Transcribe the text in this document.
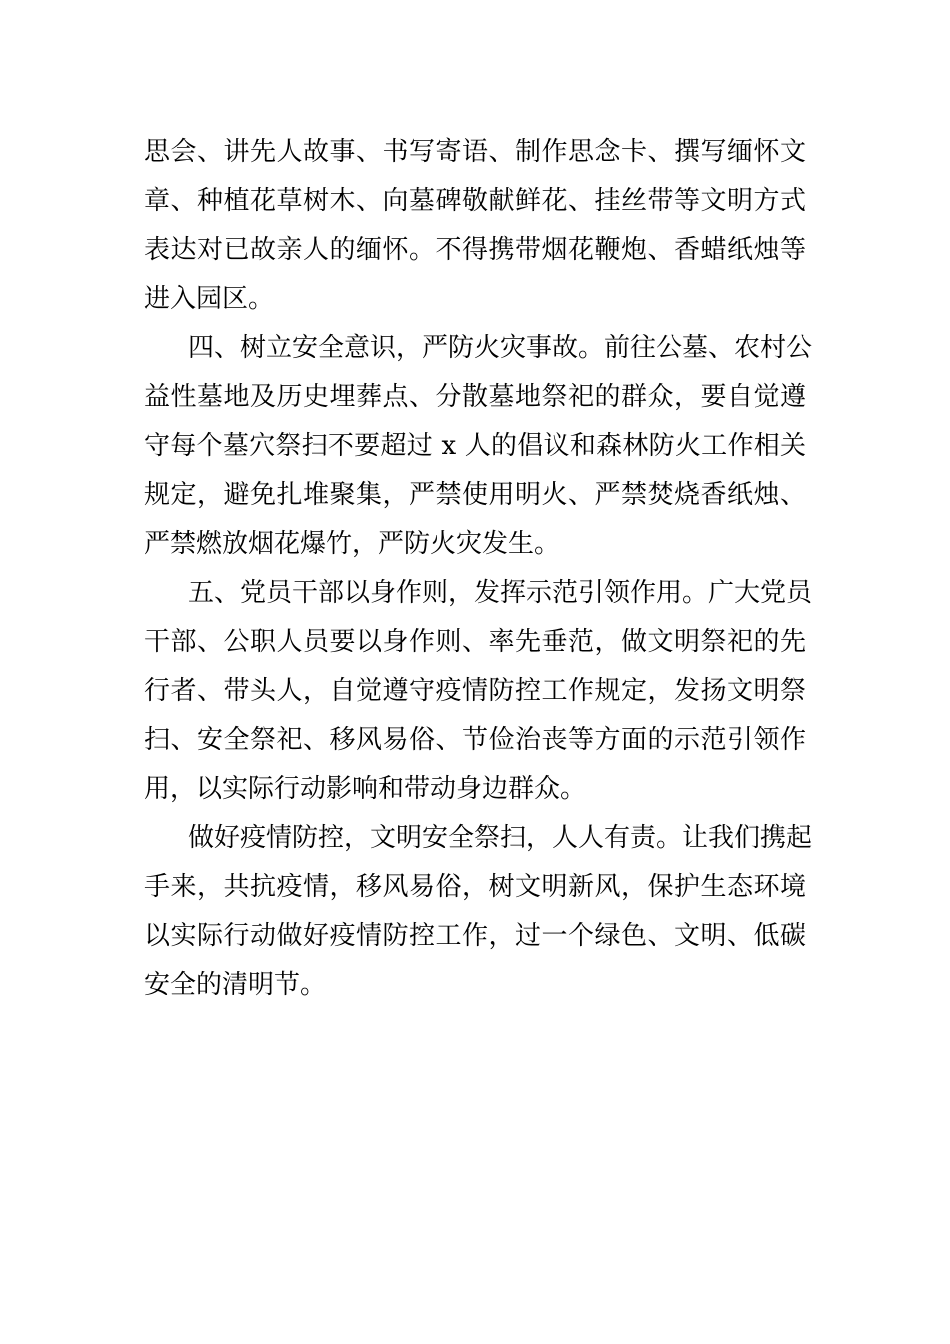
思会、讲先人故事、书写寄语、制作思念卡、撰写缅怀文
章、种植花草树木、向墓碑敬献鲜花、挂丝带等文明方式
表达对已故亲人的缅怀。不得携带烟花鞭炮、香蜡纸烛等
进入园区。
四、树立安全意识，严防火灾事故。前往公墓、农村公
益性墓地及历史埋葬点、分散墓地祭祀的群众，要自觉遵
守每个墓穴祭扫不要超过 x 人的倡议和森林防火工作相关
规定，避免扎堆聚集，严禁使用明火、严禁焚烧香纸烛、
严禁燃放烟花爆竹，严防火灾发生。
五、党员干部以身作则，发挥示范引领作用。广大党员
干部、公职人员要以身作则、率先垂范，做文明祭祀的先
行者、带头人，自觉遵守疫情防控工作规定，发扬文明祭
扫、安全祭祀、移风易俗、节俭治丧等方面的示范引领作
用，以实际行动影响和带动身边群众。
做好疫情防控，文明安全祭扫，人人有责。让我们携起
手来，共抗疫情，移风易俗，树文明新风，保护生态环境
以实际行动做好疫情防控工作，过一个绿色、文明、低碳
安全的清明节。
